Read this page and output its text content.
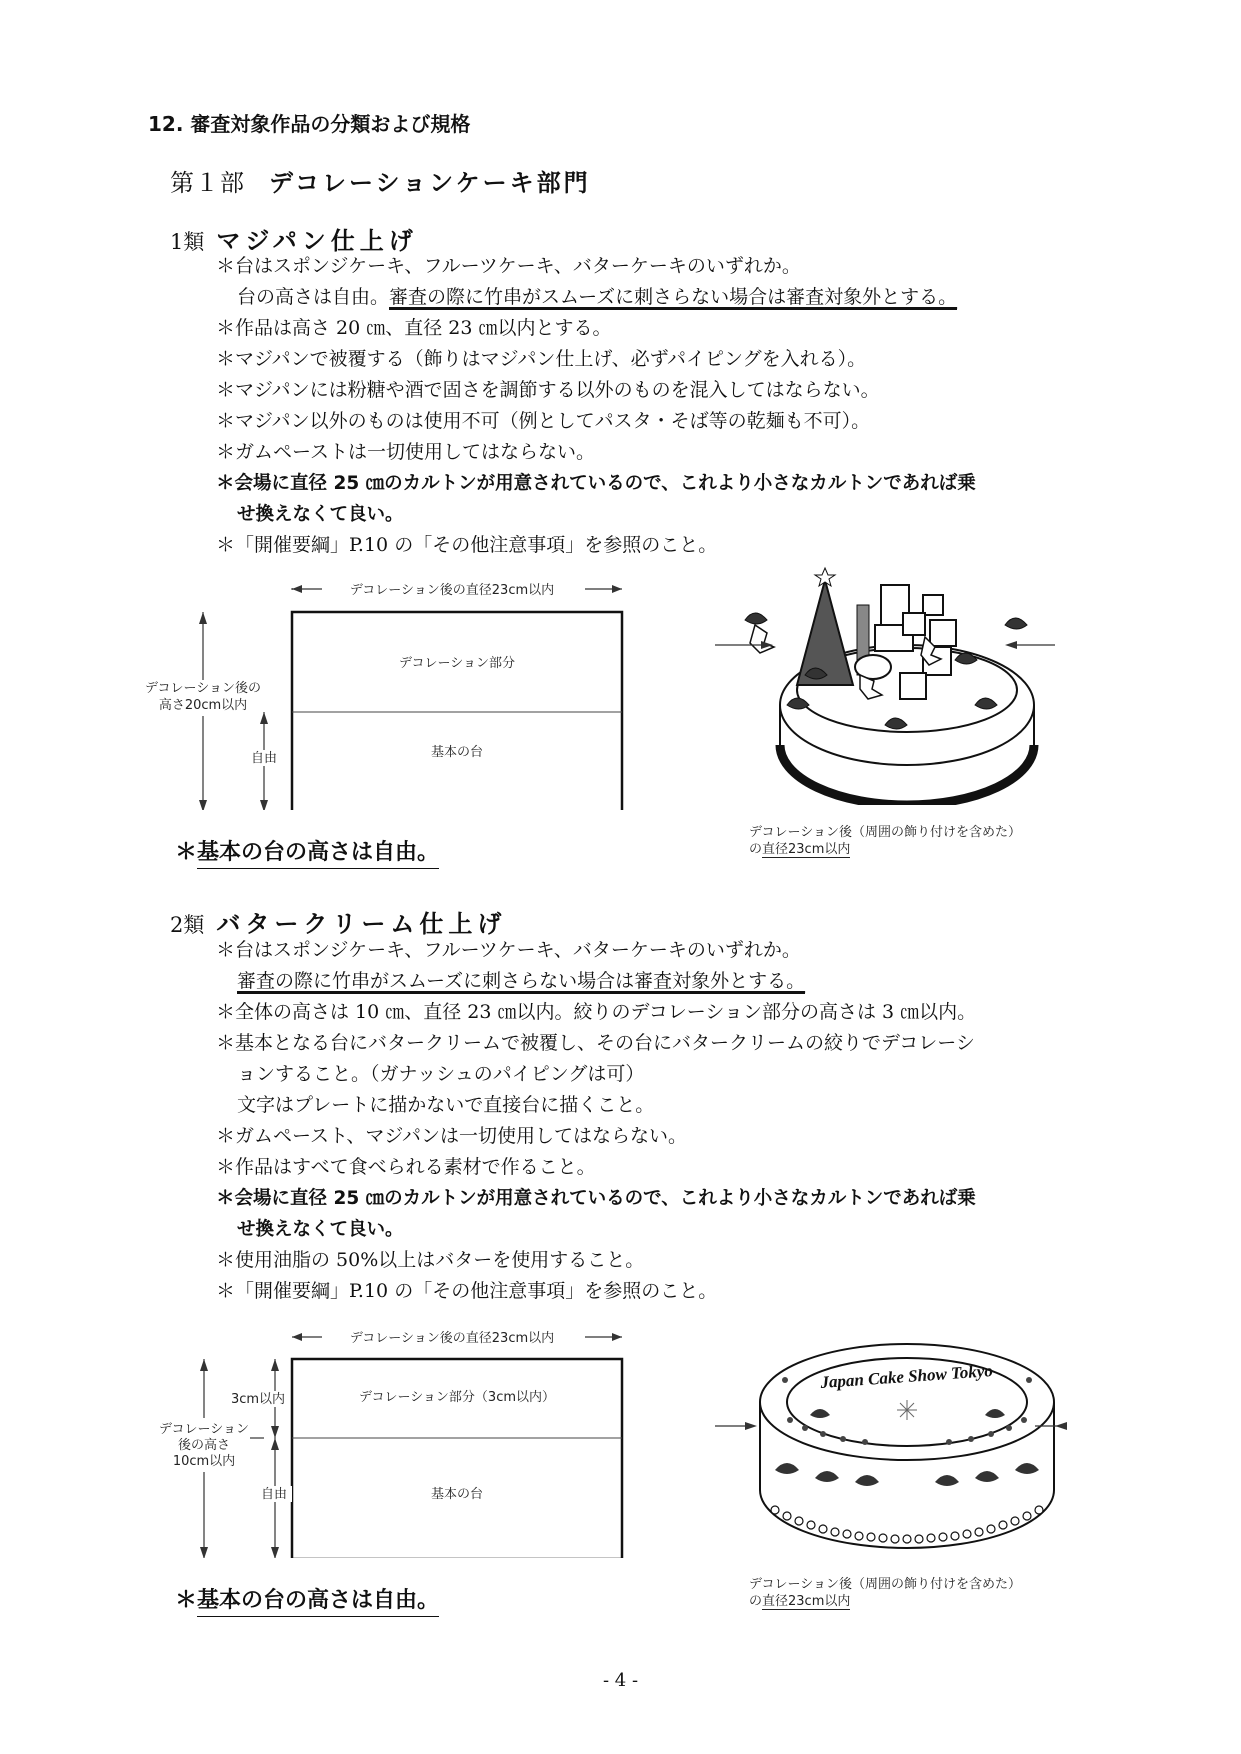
12. 審査対象作品の分類および規格
第１部 デコレーションケーキ部門
1類 マジパン仕上げ
＊台はスポンジケーキ、フルーツケーキ、バターケーキのいずれか。
台の高さは自由。審査の際に竹串がスムーズに刺さらない場合は審査対象外とする。
＊作品は高さ 20 ㎝、直径 23 ㎝以内とする。
＊マジパンで被覆する（飾りはマジパン仕上げ、必ずパイピングを入れる）。
＊マジパンには粉糖や酒で固さを調節する以外のものを混入してはならない。
＊マジパン以外のものは使用不可（例としてパスタ・そば等の乾麺も不可）。
＊ガムペーストは一切使用してはならない。
＊会場に直径 25 ㎝のカルトンが用意されているので、これより小さなカルトンであれば乗
せ換えなくて良い。
＊「開催要綱」P.10 の「その他注意事項」を参照のこと。
デコレーション後の直径23cm以内
デコレーション部分
基本の台
デコレーション後の
高さ20cm以内
自由
デコレーション後（周囲の飾り付けを含めた）
の直径23cm以内
＊基本の台の高さは自由。
2類 バタークリーム仕上げ
＊台はスポンジケーキ、フルーツケーキ、バターケーキのいずれか。
審査の際に竹串がスムーズに刺さらない場合は審査対象外とする。
＊全体の高さは 10 ㎝、直径 23 ㎝以内。絞りのデコレーション部分の高さは 3 ㎝以内。
＊基本となる台にバタークリームで被覆し、その台にバタークリームの絞りでデコレーシ
ョンすること。（ガナッシュのパイピングは可）
文字はプレートに描かないで直接台に描くこと。
＊ガムペースト、マジパンは一切使用してはならない。
＊作品はすべて食べられる素材で作ること。
＊会場に直径 25 ㎝のカルトンが用意されているので、これより小さなカルトンであれば乗
せ換えなくて良い。
＊使用油脂の 50%以上はバターを使用すること。
＊「開催要綱」P.10 の「その他注意事項」を参照のこと。
デコレーション後の直径23cm以内
デコレーション部分（3cm以内）
基本の台
デコレーション
後の高さ
10cm以内
3cm以内
自由
Japan Cake Show Tokyo
デコレーション後（周囲の飾り付けを含めた）
の直径23cm以内
＊基本の台の高さは自由。
- 4 -
